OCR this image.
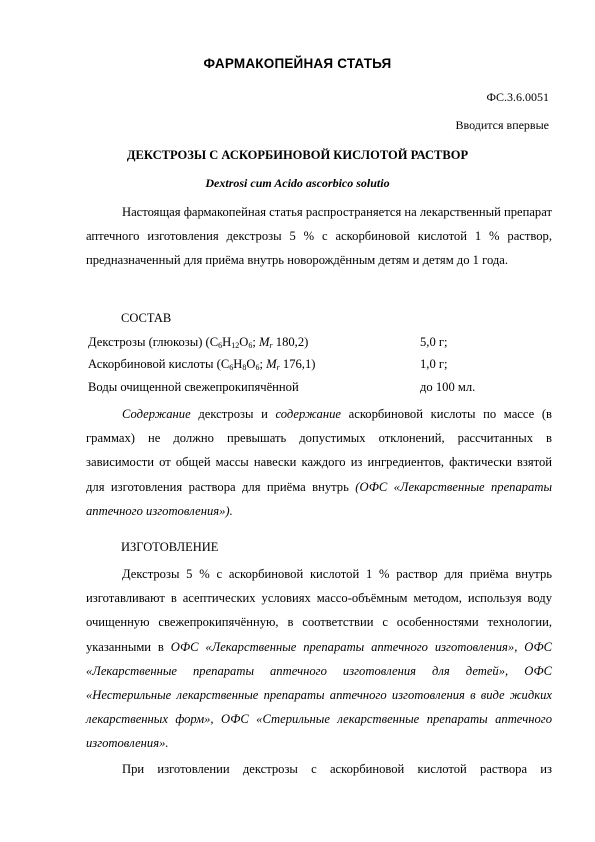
ФАРМАКОПЕЙНАЯ СТАТЬЯ
ФС.3.6.0051
Вводится впервые
ДЕКСТРОЗЫ С АСКОРБИНОВОЙ КИСЛОТОЙ РАСТВОР
Dextrosi cum Acido ascorbico solutio

Настоящая фармакопейная статья распространяется на лекарственный препарат аптечного изготовления декстрозы 5 % с аскорбиновой кислотой 1 % раствор, предназначенный для приёма внутрь новорождённым детям и детям до 1 года.

СОСТАВ
Декстрозы (глюкозы) ($C_6H_{12}O_6$; $M_r$ 180,2)	5,0 г;
Аскорбиновой кислоты ($C_6H_8O_6$; $M_r$ 176,1)	1,0 г;
Воды очищенной свежепрокипячённой	до 100 мл.

Содержание декстрозы и содержание аскорбиновой кислоты по массе (в граммах) не должно превышать допустимых отклонений, рассчитанных в зависимости от общей массы навески каждого из ингредиентов, фактически взятой для изготовления раствора для приёма внутрь (ОФС «Лекарственные препараты аптечного изготовления»).

ИЗГОТОВЛЕНИЕ

Декстрозы 5 % с аскорбиновой кислотой 1 % раствор для приёма внутрь изготавливают в асептических условиях массо-объёмным методом, используя воду очищенную свежепрокипячённую, в соответствии с особенностями технологии, указанными в ОФС «Лекарственные препараты аптечного изготовления», ОФС «Лекарственные препараты аптечного изготовления для детей», ОФС «Нестерильные лекарственные препараты аптечного изготовления в виде жидких лекарственных форм», ОФС «Стерильные лекарственные препараты аптечного изготовления».

При изготовлении декстрозы с аскорбиновой кислотой раствора из
